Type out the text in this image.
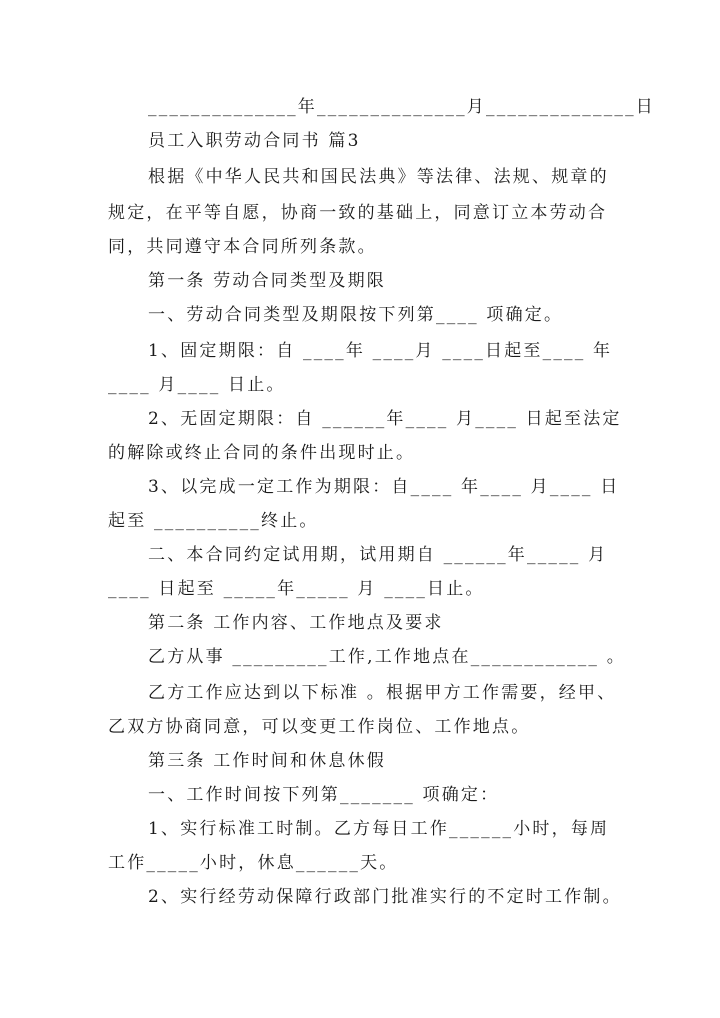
______________年______________月______________日
员工入职劳动合同书 篇3
根据《中华人民共和国民法典》等法律、法规、规章的
规定，在平等自愿，协商一致的基础上，同意订立本劳动合
同，共同遵守本合同所列条款。
第一条 劳动合同类型及期限
一、劳动合同类型及期限按下列第____ 项确定。
1、固定期限：自 ____年 ____月 ____日起至____ 年
____ 月____ 日止。
2、无固定期限：自 ______年____ 月____ 日起至法定
的解除或终止合同的条件出现时止。
3、以完成一定工作为期限：自____ 年____ 月____ 日
起至 __________终止。
二、本合同约定试用期，试用期自 ______年_____ 月
____ 日起至 _____年_____ 月 ____日止。
第二条 工作内容、工作地点及要求
乙方从事 _________工作,工作地点在____________ 。
乙方工作应达到以下标准 。根据甲方工作需要，经甲、
乙双方协商同意，可以变更工作岗位、工作地点。
第三条 工作时间和休息休假
一、工作时间按下列第_______ 项确定：
1、实行标准工时制。乙方每日工作______小时，每周
工作_____小时，休息______天。
2、实行经劳动保障行政部门批准实行的不定时工作制。
